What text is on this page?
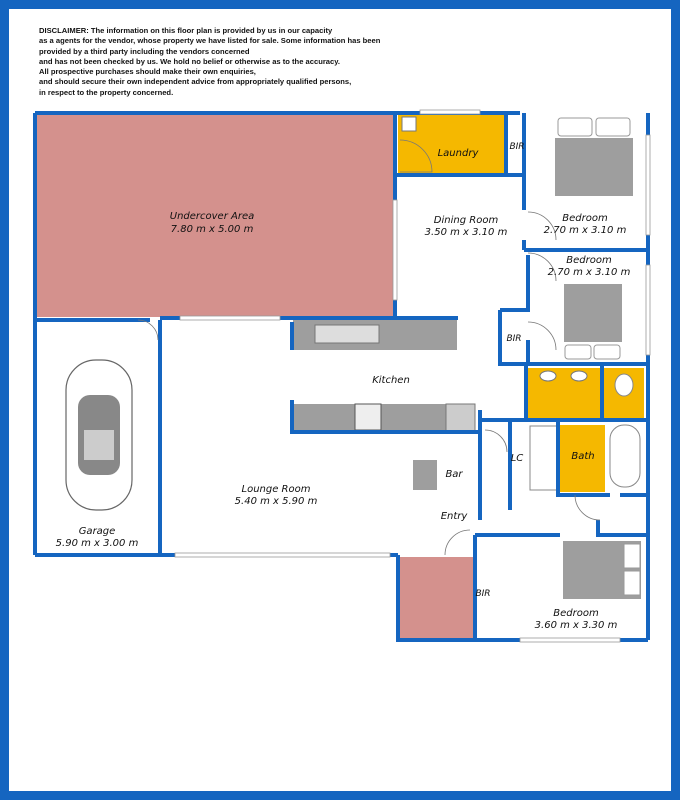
DISCLAIMER: The information on this floor plan is provided by us in our capacity
as a agents for the vendor, whose property we have listed for sale. Some information has been
provided by a third party including the vendors concerned
and has not been checked by us. We hold no belief or otherwise as to the accuracy.
All prospective purchases should make their own enquiries,
and should secure their own independent advice from appropriately qualified persons,
in respect to the property concerned.
Undercover Area
7.80 m x 5.00 m
Laundry
BIR
Dining Room
3.50 m x 3.10 m
Bedroom
2.70 m x 3.10 m
Bedroom
2.70 m x 3.10 m
BIR
Kitchen
Garage
5.90 m x 3.00 m
Lounge Room
5.40 m x 5.90 m
Bar
LC	Bath
Entry
BIR
Bedroom
3.60 m x 3.30 m
